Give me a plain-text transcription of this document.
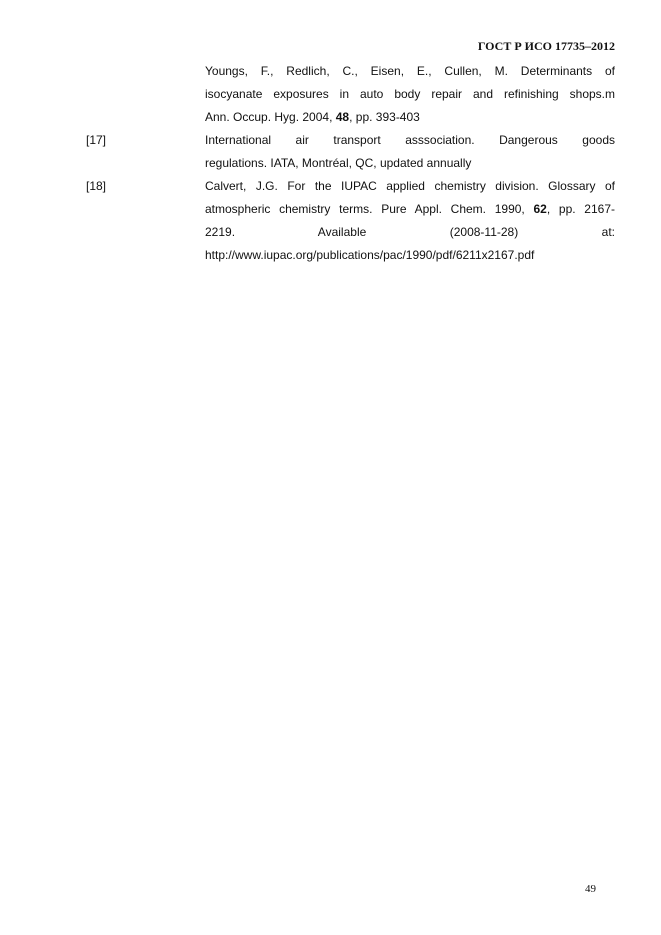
ГОСТ Р ИСО 17735–2012
Youngs, F., Redlich, C., Eisen, E., Cullen, M. Determinants of
isocyanate exposures in auto body repair and refinishing shops.m
Ann. Occup. Hyg. 2004, 48, pp. 393-403
[17]	International air transport asssociation. Dangerous goods
regulations. IATA, Montréal, QC, updated annually
[18]	Calvert, J.G. For the IUPAC applied chemistry division. Glossary of
atmospheric chemistry terms. Pure Appl. Chem. 1990, 62, pp. 2167-
2219. Available (2008-11-28) at:
http://www.iupac.org/publications/pac/1990/pdf/6211x2167.pdf
49
